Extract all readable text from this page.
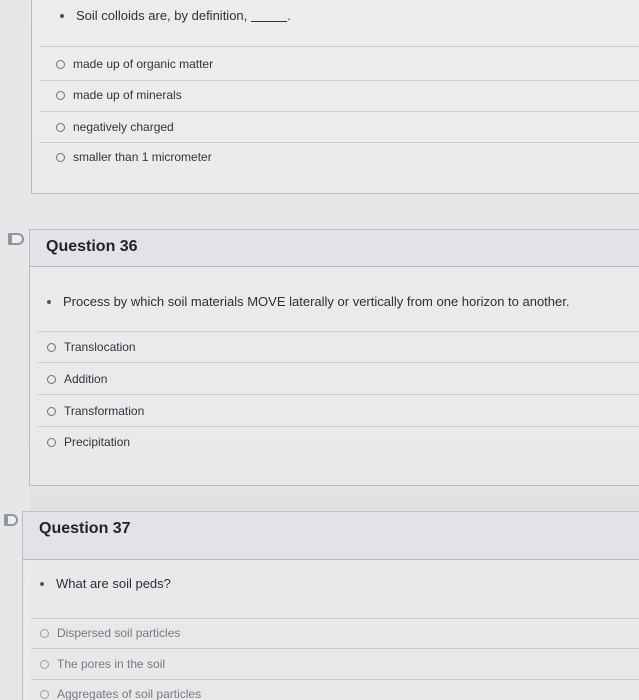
Soil colloids are, by definition,	.
made up of organic matter
made up of minerals
negatively charged
smaller than 1 micrometer
Question 36
Process by which soil materials MOVE laterally or vertically from one horizon to another.
Translocation
Addition
Transformation
Precipitation
Question 37
What are soil peds?
Dispersed soil particles
The pores in the soil
Aggregates of soil particles
